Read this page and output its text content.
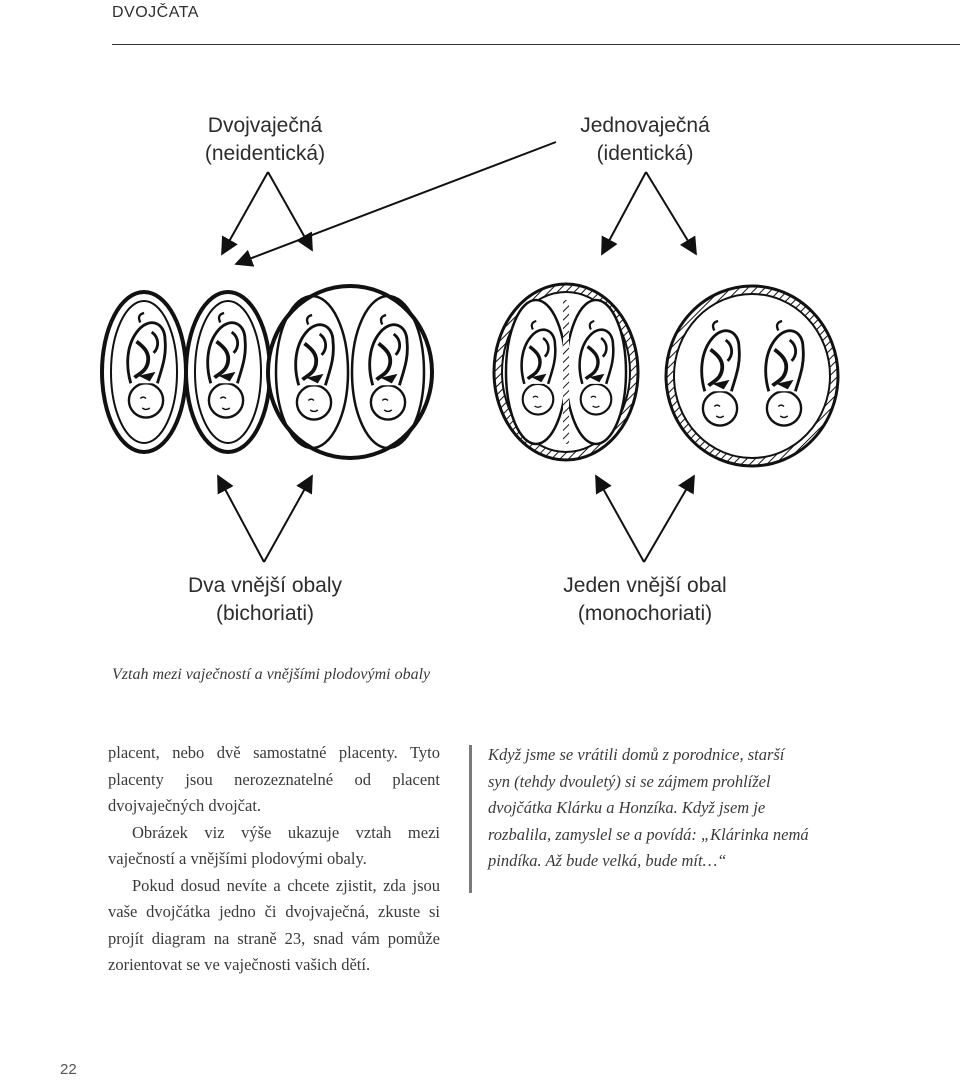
DVOJČATA
Dvojvaječná
(neidentická)
Jednovaječná
(identická)
Dva vnější obaly
(bichoriati)
Jeden vnější obal
(monochoriati)
Vztah mezi vaječností a vnějšími plodovými obaly

placent, nebo dvě samostatné placenty. Tyto placenty jsou nerozeznatelné od placent dvojvaječných dvojčat.

Obrázek viz výše ukazuje vztah mezi vaječností a vnějšími plodovými obaly.

Pokud dosud nevíte a chcete zjistit, zda jsou vaše dvojčátka jedno či dvojvaječná, zkuste si projít diagram na straně 23, snad vám pomůže zorientovat se ve vaječnosti vašich dětí.

Když jsme se vrátili domů z porodnice, starší syn (tehdy dvouletý) si se zájmem prohlížel dvojčátka Klárku a Honzíka. Když jsem je rozbalila, zamyslel se a povídá: „Klárinka nemá pindíka. Až bude velká, bude mít…“
22
